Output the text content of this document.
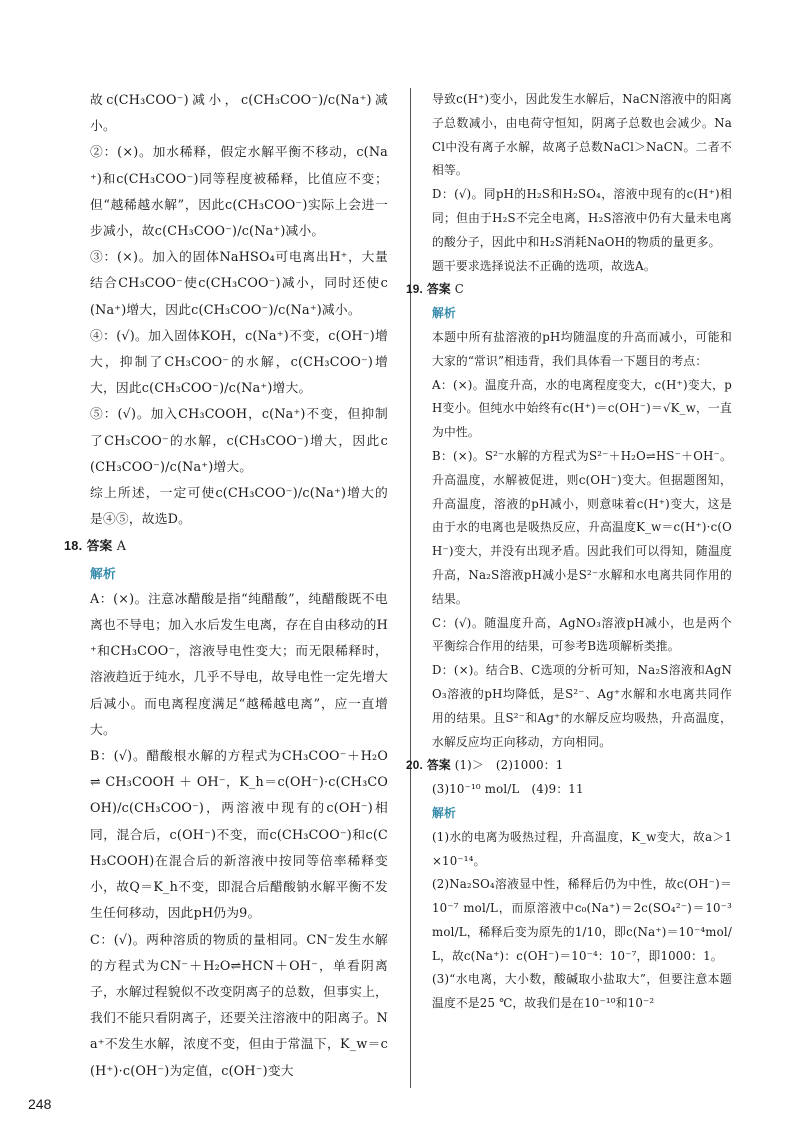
故c(CH₃COO⁻)减小，c(CH₃COO⁻)/c(Na⁺)减小。

②：(×)。加水稀释，假定水解平衡不移动，c(Na⁺)和c(CH₃COO⁻)同等程度被稀释，比值应不变；但“越稀越水解”，因此c(CH₃COO⁻)实际上会进一步减小，故c(CH₃COO⁻)/c(Na⁺)减小。

③：(×)。加入的固体NaHSO₄可电离出H⁺，大量结合CH₃COO⁻使c(CH₃COO⁻)减小，同时还使c(Na⁺)增大，因此c(CH₃COO⁻)/c(Na⁺)减小。

④：(√)。加入固体KOH，c(Na⁺)不变，c(OH⁻)增大，抑制了CH₃COO⁻的水解，c(CH₃COO⁻)增大，因此c(CH₃COO⁻)/c(Na⁺)增大。

⑤：(√)。加入CH₃COOH，c(Na⁺)不变，但抑制了CH₃COO⁻的水解，c(CH₃COO⁻)增大，因此c(CH₃COO⁻)/c(Na⁺)增大。

综上所述，一定可使c(CH₃COO⁻)/c(Na⁺)增大的是④⑤，故选D。

18. 答案 A

解析

A：(×)。注意冰醋酸是指“纯醋酸”，纯醋酸既不电离也不导电；加入水后发生电离，存在自由移动的H⁺和CH₃COO⁻，溶液导电性变大；而无限稀释时，溶液趋近于纯水，几乎不导电，故导电性一定先增大后减小。而电离程度满足“越稀越电离”，应一直增大。

B：(√)。醋酸根水解的方程式为CH₃COO⁻＋H₂O ⇌ CH₃COOH ＋ OH⁻，K_h＝c(OH⁻)·c(CH₃COOH)/c(CH₃COO⁻)，两溶液中现有的c(OH⁻)相同，混合后，c(OH⁻)不变，而c(CH₃COO⁻)和c(CH₃COOH)在混合后的新溶液中按同等倍率稀释变小，故Q＝K_h不变，即混合后醋酸钠水解平衡不发生任何移动，因此pH仍为9。

C：(√)。两种溶质的物质的量相同。CN⁻发生水解的方程式为CN⁻＋H₂O⇌HCN＋OH⁻，单看阴离子，水解过程貌似不改变阴离子的总数，但事实上，我们不能只看阴离子，还要关注溶液中的阳离子。Na⁺不发生水解，浓度不变，但由于常温下，K_w＝c(H⁺)·c(OH⁻)为定值，c(OH⁻)变大

导致c(H⁺)变小，因此发生水解后，NaCN溶液中的阳离子总数减小，由电荷守恒知，阴离子总数也会减少。NaCl中没有离子水解，故离子总数NaCl＞NaCN。二者不相等。

D：(√)。同pH的H₂S和H₂SO₄，溶液中现有的c(H⁺)相同；但由于H₂S不完全电离，H₂S溶液中仍有大量未电离的酸分子，因此中和H₂S消耗NaOH的物质的量更多。

题干要求选择说法不正确的选项，故选A。

19. 答案 C

解析

本题中所有盐溶液的pH均随温度的升高而减小，可能和大家的“常识”相违背，我们具体看一下题目的考点：

A：(×)。温度升高，水的电离程度变大，c(H⁺)变大，pH变小。但纯水中始终有c(H⁺)＝c(OH⁻)＝√K_w，一直为中性。

B：(×)。S²⁻水解的方程式为S²⁻＋H₂O⇌HS⁻＋OH⁻。升高温度，水解被促进，则c(OH⁻)变大。但据题图知，升高温度，溶液的pH减小，则意味着c(H⁺)变大，这是由于水的电离也是吸热反应，升高温度K_w＝c(H⁺)·c(OH⁻)变大，并没有出现矛盾。因此我们可以得知，随温度升高，Na₂S溶液pH减小是S²⁻水解和水电离共同作用的结果。

C：(√)。随温度升高，AgNO₃溶液pH减小，也是两个平衡综合作用的结果，可参考B选项解析类推。

D：(×)。结合B、C选项的分析可知，Na₂S溶液和AgNO₃溶液的pH均降低，是S²⁻、Ag⁺水解和水电离共同作用的结果。且S²⁻和Ag⁺的水解反应均吸热，升高温度，水解反应均正向移动，方向相同。

20. 答案 (1)＞　(2)1000：1

(3)10⁻¹⁰ mol/L　(4)9：11

解析

(1)水的电离为吸热过程，升高温度，K_w变大，故a＞1×10⁻¹⁴。

(2)Na₂SO₄溶液显中性，稀释后仍为中性，故c(OH⁻)＝10⁻⁷ mol/L，而原溶液中c₀(Na⁺)＝2c(SO₄²⁻)＝10⁻³mol/L，稀释后变为原先的1/10，即c(Na⁺)＝10⁻⁴mol/L，故c(Na⁺)：c(OH⁻)＝10⁻⁴：10⁻⁷，即1000：1。

(3)“水电离，大小数，酸碱取小盐取大”，但要注意本题温度不是25 ℃，故我们是在10⁻¹⁰和10⁻²

248
